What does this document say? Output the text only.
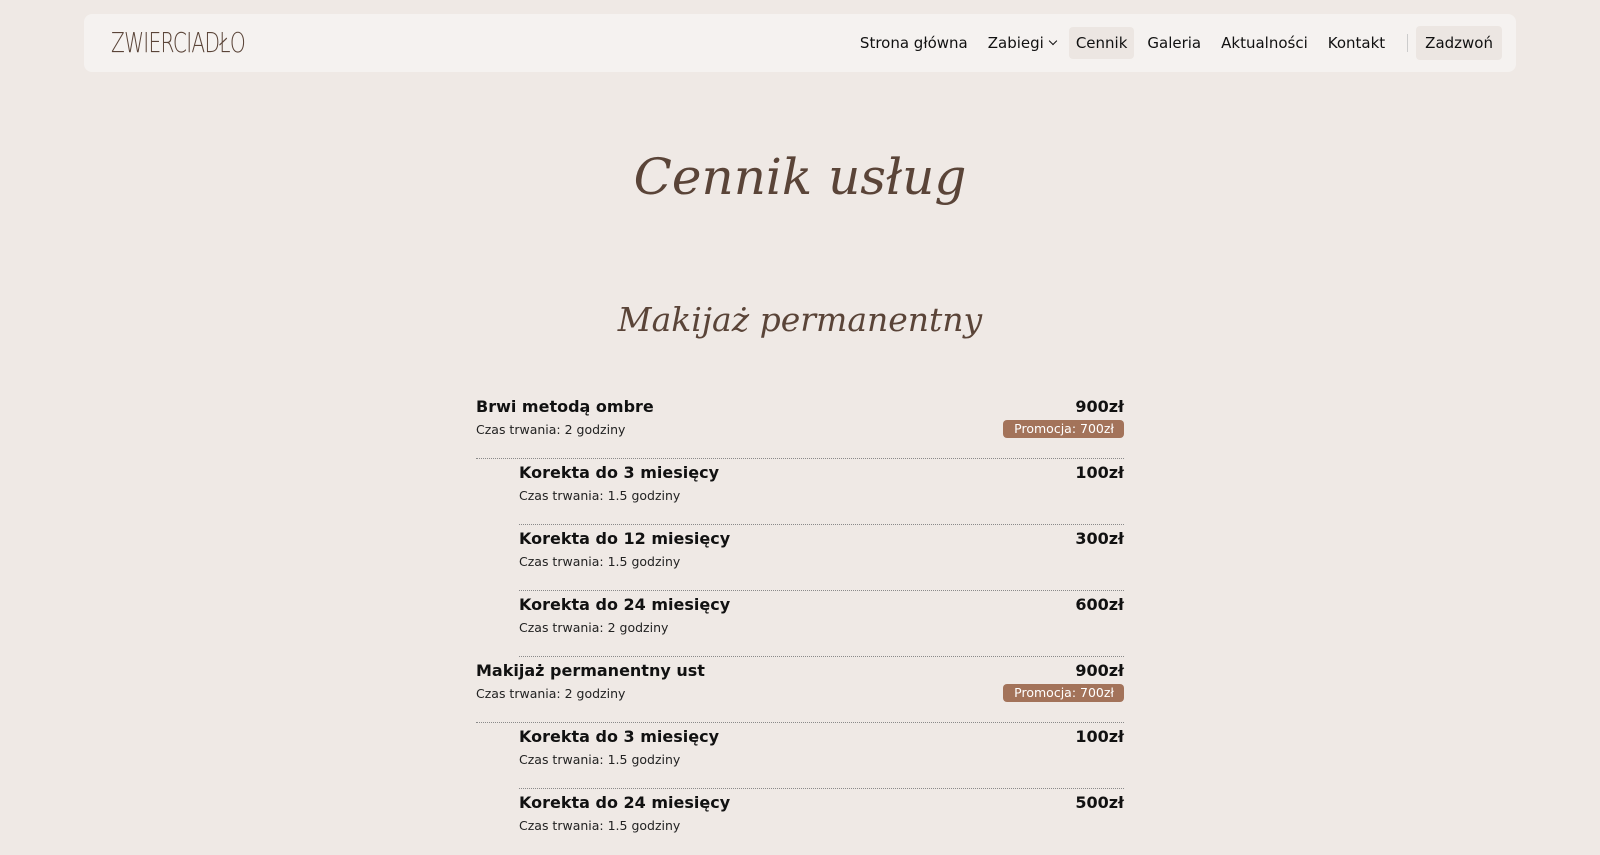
ZWIERCIADŁO	Strona główna Zabiegi Cennik Galeria Aktualności Kontakt	Zadzwoń
Cennik usług
Makijaż permanentny
Brwi metodą ombre
Czas trwania: 2 godziny
900zł
Promocja: 700zł
Korekta do 3 miesięcy
Czas trwania: 1.5 godziny
100zł
Korekta do 12 miesięcy
Czas trwania: 1.5 godziny
300zł
Korekta do 24 miesięcy
Czas trwania: 2 godziny
600zł
Makijaż permanentny ust
Czas trwania: 2 godziny
900zł
Promocja: 700zł
Korekta do 3 miesięcy
Czas trwania: 1.5 godziny
100zł
Korekta do 24 miesięcy
Czas trwania: 1.5 godziny
500zł
